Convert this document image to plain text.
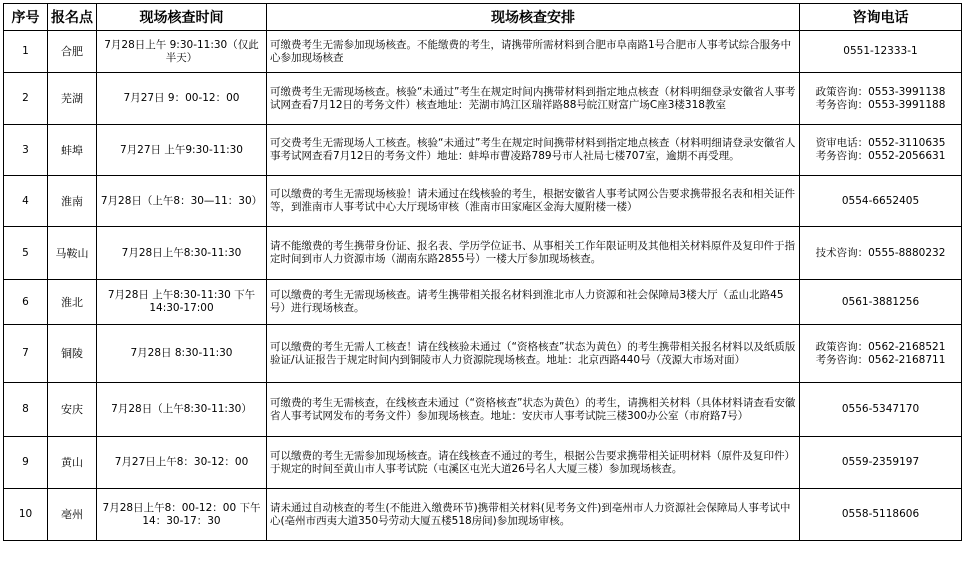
序号	报名点	现场核查时间	现场核查安排	咨询电话
1	合肥	7月28日上午 9:30-11:30（仅此半天）	可缴费考生无需参加现场核查。不能缴费的考生，请携带所需材料到合肥市阜南路1号合肥市人事考试综合服务中心参加现场核查	0551-12333-1

2	芜湖	7月27日 9：00-12：00	可缴费考生无需现场核查。核验“未通过”考生在规定时间内携带材料到指定地点核查（材料明细登录安徽省人事考试网查看7月12日的考务文件）核查地址：芜湖市鸠江区瑞祥路88号皖江财富广场C座3楼318教室	政策咨询：0553-3991138
考务咨询：0553-3991188

3	蚌埠	7月27日 上午9:30-11:30	可交费考生无需现场人工核查。核验“未通过”考生在规定时间携带材料到指定地点核查（材料明细请登录安徽省人事考试网查看7月12日的考务文件）地址：蚌埠市曹凌路789号市人社局七楼707室，逾期不再受理。	资审电话：0552-3110635
考务咨询：0552-2056631

4	淮南	7月28日（上午8：30—11：30）	可以缴费的考生无需现场核验！请未通过在线核验的考生，根据安徽省人事考试网公告要求携带报名表和相关证件等，到淮南市人事考试中心大厅现场审核（淮南市田家庵区金海大厦附楼一楼）	0554-6652405

5	马鞍山	7月28日上午8:30-11:30	请不能缴费的考生携带身份证、报名表、学历学位证书、从事相关工作年限证明及其他相关材料原件及复印件于指定时间到市人力资源市场（湖南东路2855号）一楼大厅参加现场核查。	技术咨询：0555-8880232

6	淮北	7月28日 上午8:30-11:30 下午14:30-17:00	可以缴费的考生无需现场核查。请考生携带相关报名材料到淮北市人力资源和社会保障局3楼大厅（孟山北路45号）进行现场核查。	0561-3881256

7	铜陵	7月28日 8:30-11:30	可以缴费的考生无需人工核查！请在线核验未通过（“资格核查”状态为黄色）的考生携带相关报名材料以及纸质版验证/认证报告于规定时间内到铜陵市人力资源院现场核查。地址：北京西路440号（茂源大市场对面）	政策咨询：0562-2168521
考务咨询：0562-2168711

8	安庆	7月28日（上午8:30-11:30）	可缴费的考生无需核查，在线核查未通过（“资格核查”状态为黄色）的考生，请携相关材料（具体材料请查看安徽省人事考试网发布的考务文件）参加现场核查。地址：安庆市人事考试院三楼300办公室（市府路7号）	0556-5347170

9	黄山	7月27日上午8：30-12：00	可以缴费的考生无需参加现场核查。请在线核查不通过的考生，根据公告要求携带相关证明材料（原件及复印件）于规定的时间至黄山市人事考试院（屯溪区屯光大道26号名人大厦三楼）参加现场核查。	0559-2359197

10	亳州	7月28日上午8：00-12：00 下午14：30-17：30	请未通过自动核查的考生(不能进入缴费环节)携带相关材料(见考务文件)到亳州市人力资源社会保障局人事考试中心(亳州市西夷大道350号劳动大厦五楼518房间)参加现场审核。	0558-5118606
